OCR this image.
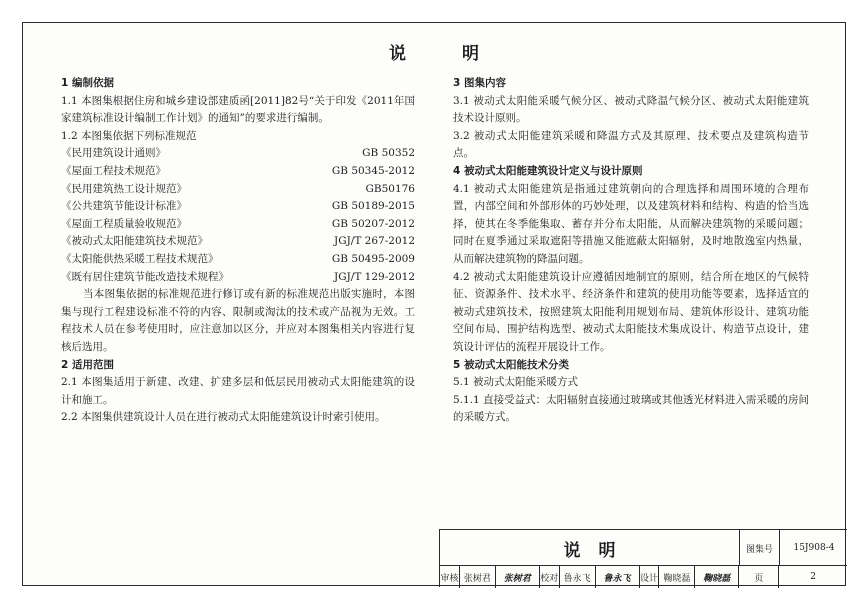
说明
1 编制依据
1.1 本图集根据住房和城乡建设部建质函[2011]82号“关于印发《2011年国家建筑标准设计编制工作计划》的通知”的要求进行编制。
1.2 本图集依据下列标准规范
《民用建筑设计通则》	GB 50352
《屋面工程技术规范》	GB 50345-2012
《民用建筑热工设计规范》	GB50176
《公共建筑节能设计标准》	GB 50189-2015
《屋面工程质量验收规范》	GB 50207-2012
《被动式太阳能建筑技术规范》	JGJ/T 267-2012
《太阳能供热采暖工程技术规范》	GB 50495-2009
《既有居住建筑节能改造技术规程》	JGJ/T 129-2012
当本图集依据的标准规范进行修订或有新的标准规范出版实施时，本图集与现行工程建设标准不符的内容、限制或淘汰的技术或产品视为无效。工程技术人员在参考使用时，应注意加以区分，并应对本图集相关内容进行复核后选用。
2 适用范围
2.1 本图集适用于新建、改建、扩建多层和低层民用被动式太阳能建筑的设计和施工。
2.2 本图集供建筑设计人员在进行被动式太阳能建筑设计时索引使用。
3 图集内容
3.1 被动式太阳能采暖气候分区、被动式降温气候分区、被动式太阳能建筑技术设计原则。
3.2 被动式太阳能建筑采暖和降温方式及其原理、技术要点及建筑构造节点。
4 被动式太阳能建筑设计定义与设计原则
4.1 被动式太阳能建筑是指通过建筑朝向的合理选择和周围环境的合理布置，内部空间和外部形体的巧妙处理，以及建筑材料和结构、构造的恰当选择，使其在冬季能集取、蓄存并分布太阳能，从而解决建筑物的采暖问题；同时在夏季通过采取遮阳等措施又能遮蔽太阳辐射，及时地散逸室内热量，从而解决建筑物的降温问题。
4.2 被动式太阳能建筑设计应遵循因地制宜的原则，结合所在地区的气候特征、资源条件、技术水平、经济条件和建筑的使用功能等要素，选择适宜的被动式建筑技术，按照建筑太阳能利用规划布局、建筑体形设计、建筑功能空间布局、围护结构选型、被动式太阳能技术集成设计、构造节点设计，建筑设计评估的流程开展设计工作。
5 被动式太阳能技术分类
5.1 被动式太阳能采暖方式
5.1.1 直接受益式：太阳辐射直接通过玻璃或其他透光材料进入需采暖的房间的采暖方式。
说明	图集号	15J908-4
审核 张树君	张树君	校对 鲁永飞	鲁永飞	设计 鞠晓磊	鞠晓磊	页	2
